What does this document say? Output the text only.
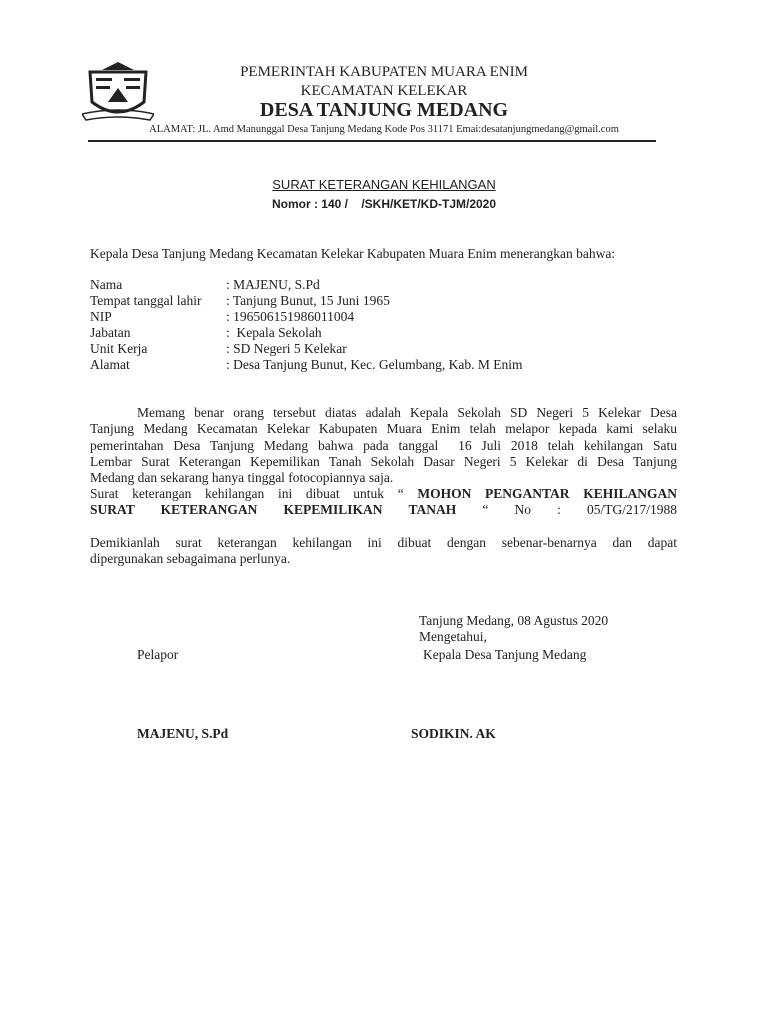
PEMERINTAH KABUPATEN MUARA ENIM
KECAMATAN KELEKAR
DESA TANJUNG MEDANG
ALAMAT: JL. Amd Manunggal Desa Tanjung Medang Kode Pos 31171 Emai:desatanjungmedang@gmail.com
SURAT KETERANGAN KEHILANGAN
Nomor : 140 /    /SKH/KET/KD-TJM/2020
Kepala Desa Tanjung Medang Kecamatan Kelekar Kabupaten Muara Enim menerangkan bahwa:
Nama	: MAJENU, S.Pd
Tempat tanggal lahir : Tanjung Bunut, 15 Juni 1965
NIP	: 196506151986011004
Jabatan	:  Kepala Sekolah
Unit Kerja	: SD Negeri 5 Kelekar
Alamat	: Desa Tanjung Bunut, Kec. Gelumbang, Kab. M Enim
Memang benar orang tersebut diatas adalah Kepala Sekolah SD Negeri 5 Kelekar Desa
Tanjung Medang Kecamatan Kelekar Kabupaten Muara Enim telah melapor kepada kami selaku
pemerintahan Desa Tanjung Medang bahwa pada tanggal  16 Juli 2018 telah kehilangan Satu
Lembar Surat Keterangan Kepemilikan Tanah Sekolah Dasar Negeri 5 Kelekar di Desa Tanjung
Medang dan sekarang hanya tinggal fotocopiannya saja.
Surat keterangan kehilangan ini dibuat untuk “ MOHON PENGANTAR KEHILANGAN
SURAT KETERANGAN KEPEMILIKAN TANAH “ No : 05/TG/217/1988
Demikianlah surat keterangan kehilangan ini dibuat dengan sebenar-benarnya dan dapat
dipergunakan sebagaimana perlunya.
Tanjung Medang, 08 Agustus 2020
Mengetahui,
Pelapor	Kepala Desa Tanjung Medang
MAJENU, S.Pd	SODIKIN. AK
